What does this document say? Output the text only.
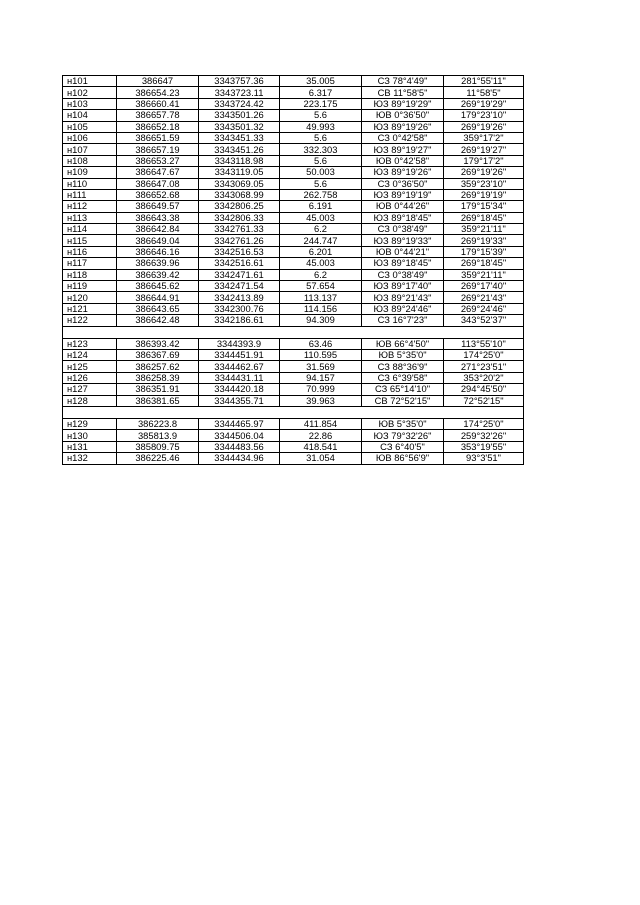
н101	386647	3343757.36	35.005	СЗ 78°4'49"	281°55'11"
н102	386654.23	3343723.11	6.317	СВ 11°58'5"	11°58'5"
н103	386660.41	3343724.42	223.175	ЮЗ 89°19'29"	269°19'29"
н104	386657.78	3343501.26	5.6	ЮВ 0°36'50"	179°23'10"
н105	386652.18	3343501.32	49.993	ЮЗ 89°19'26"	269°19'26"
н106	386651.59	3343451.33	5.6	СЗ 0°42'58"	359°17'2"
н107	386657.19	3343451.26	332.303	ЮЗ 89°19'27"	269°19'27"
н108	386653.27	3343118.98	5.6	ЮВ 0°42'58"	179°17'2"
н109	386647.67	3343119.05	50.003	ЮЗ 89°19'26"	269°19'26"
н110	386647.08	3343069.05	5.6	СЗ 0°36'50"	359°23'10"
н111	386652.68	3343068.99	262.758	ЮЗ 89°19'19"	269°19'19"
н112	386649.57	3342806.25	6.191	ЮВ 0°44'26"	179°15'34"
н113	386643.38	3342806.33	45.003	ЮЗ 89°18'45"	269°18'45"
н114	386642.84	3342761.33	6.2	СЗ 0°38'49"	359°21'11"
н115	386649.04	3342761.26	244.747	ЮЗ 89°19'33"	269°19'33"
н116	386646.16	3342516.53	6.201	ЮВ 0°44'21"	179°15'39"
н117	386639.96	3342516.61	45.003	ЮЗ 89°18'45"	269°18'45"
н118	386639.42	3342471.61	6.2	СЗ 0°38'49"	359°21'11"
н119	386645.62	3342471.54	57.654	ЮЗ 89°17'40"	269°17'40"
н120	386644.91	3342413.89	113.137	ЮЗ 89°21'43"	269°21'43"
н121	386643.65	3342300.76	114.156	ЮЗ 89°24'46"	269°24'46"
н122	386642.48	3342186.61	94.309	СЗ 16°7'23"	343°52'37"

н123	386393.42	3344393.9	63.46	ЮВ 66°4'50"	113°55'10"
н124	386367.69	3344451.91	110.595	ЮВ 5°35'0"	174°25'0"
н125	386257.62	3344462.67	31.569	СЗ 88°36'9"	271°23'51"
н126	386258.39	3344431.11	94.157	СЗ 6°39'58"	353°20'2"
н127	386351.91	3344420.18	70.999	СЗ 65°14'10"	294°45'50"
н128	386381.65	3344355.71	39.963	СВ 72°52'15"	72°52'15"

н129	386223.8	3344465.97	411.854	ЮВ 5°35'0"	174°25'0"
н130	385813.9	3344506.04	22.86	ЮЗ 79°32'26"	259°32'26"
н131	385809.75	3344483.56	418.541	СЗ 6°40'5"	353°19'55"
н132	386225.46	3344434.96	31.054	ЮВ 86°56'9"	93°3'51"
